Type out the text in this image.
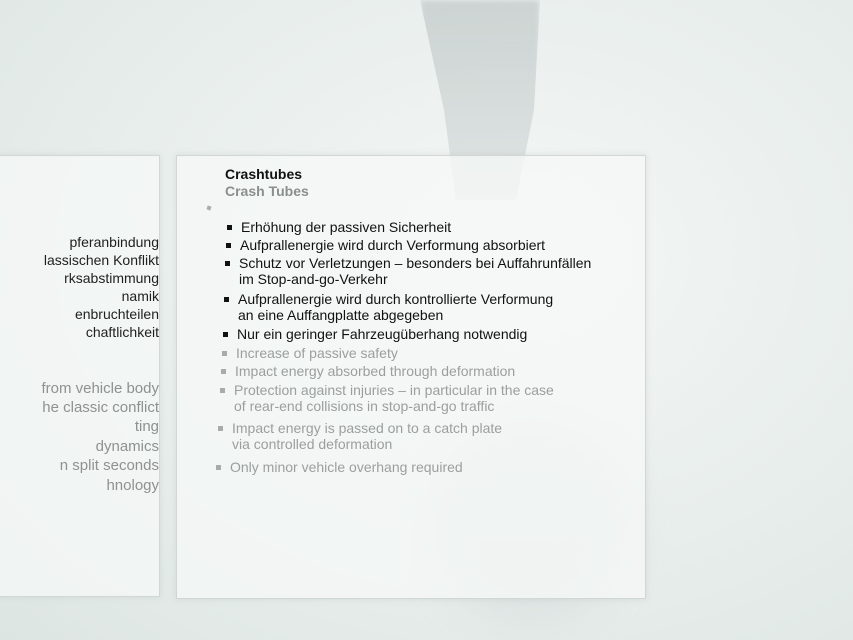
pferanbindung
lassischen Konflikt
rksabstimmung
namik
enbruchteilen
chaftlichkeit
from vehicle body
he classic conflict
ting
dynamics
n split seconds
hnology
Crashtubes
Crash Tubes
Erhöhung der passiven Sicherheit
Aufprallenergie wird durch Verformung absorbiert
Schutz vor Verletzungen – besonders bei Auffahrunfällen
im Stop-and-go-Verkehr
Aufprallenergie wird durch kontrollierte Verformung
an eine Auffangplatte abgegeben
Nur ein geringer Fahrzeugüberhang notwendig
Increase of passive safety
Impact energy absorbed through deformation
Protection against injuries – in particular in the case
of rear-end collisions in stop-and-go traffic
Impact energy is passed on to a catch plate
via controlled deformation
Only minor vehicle overhang required
